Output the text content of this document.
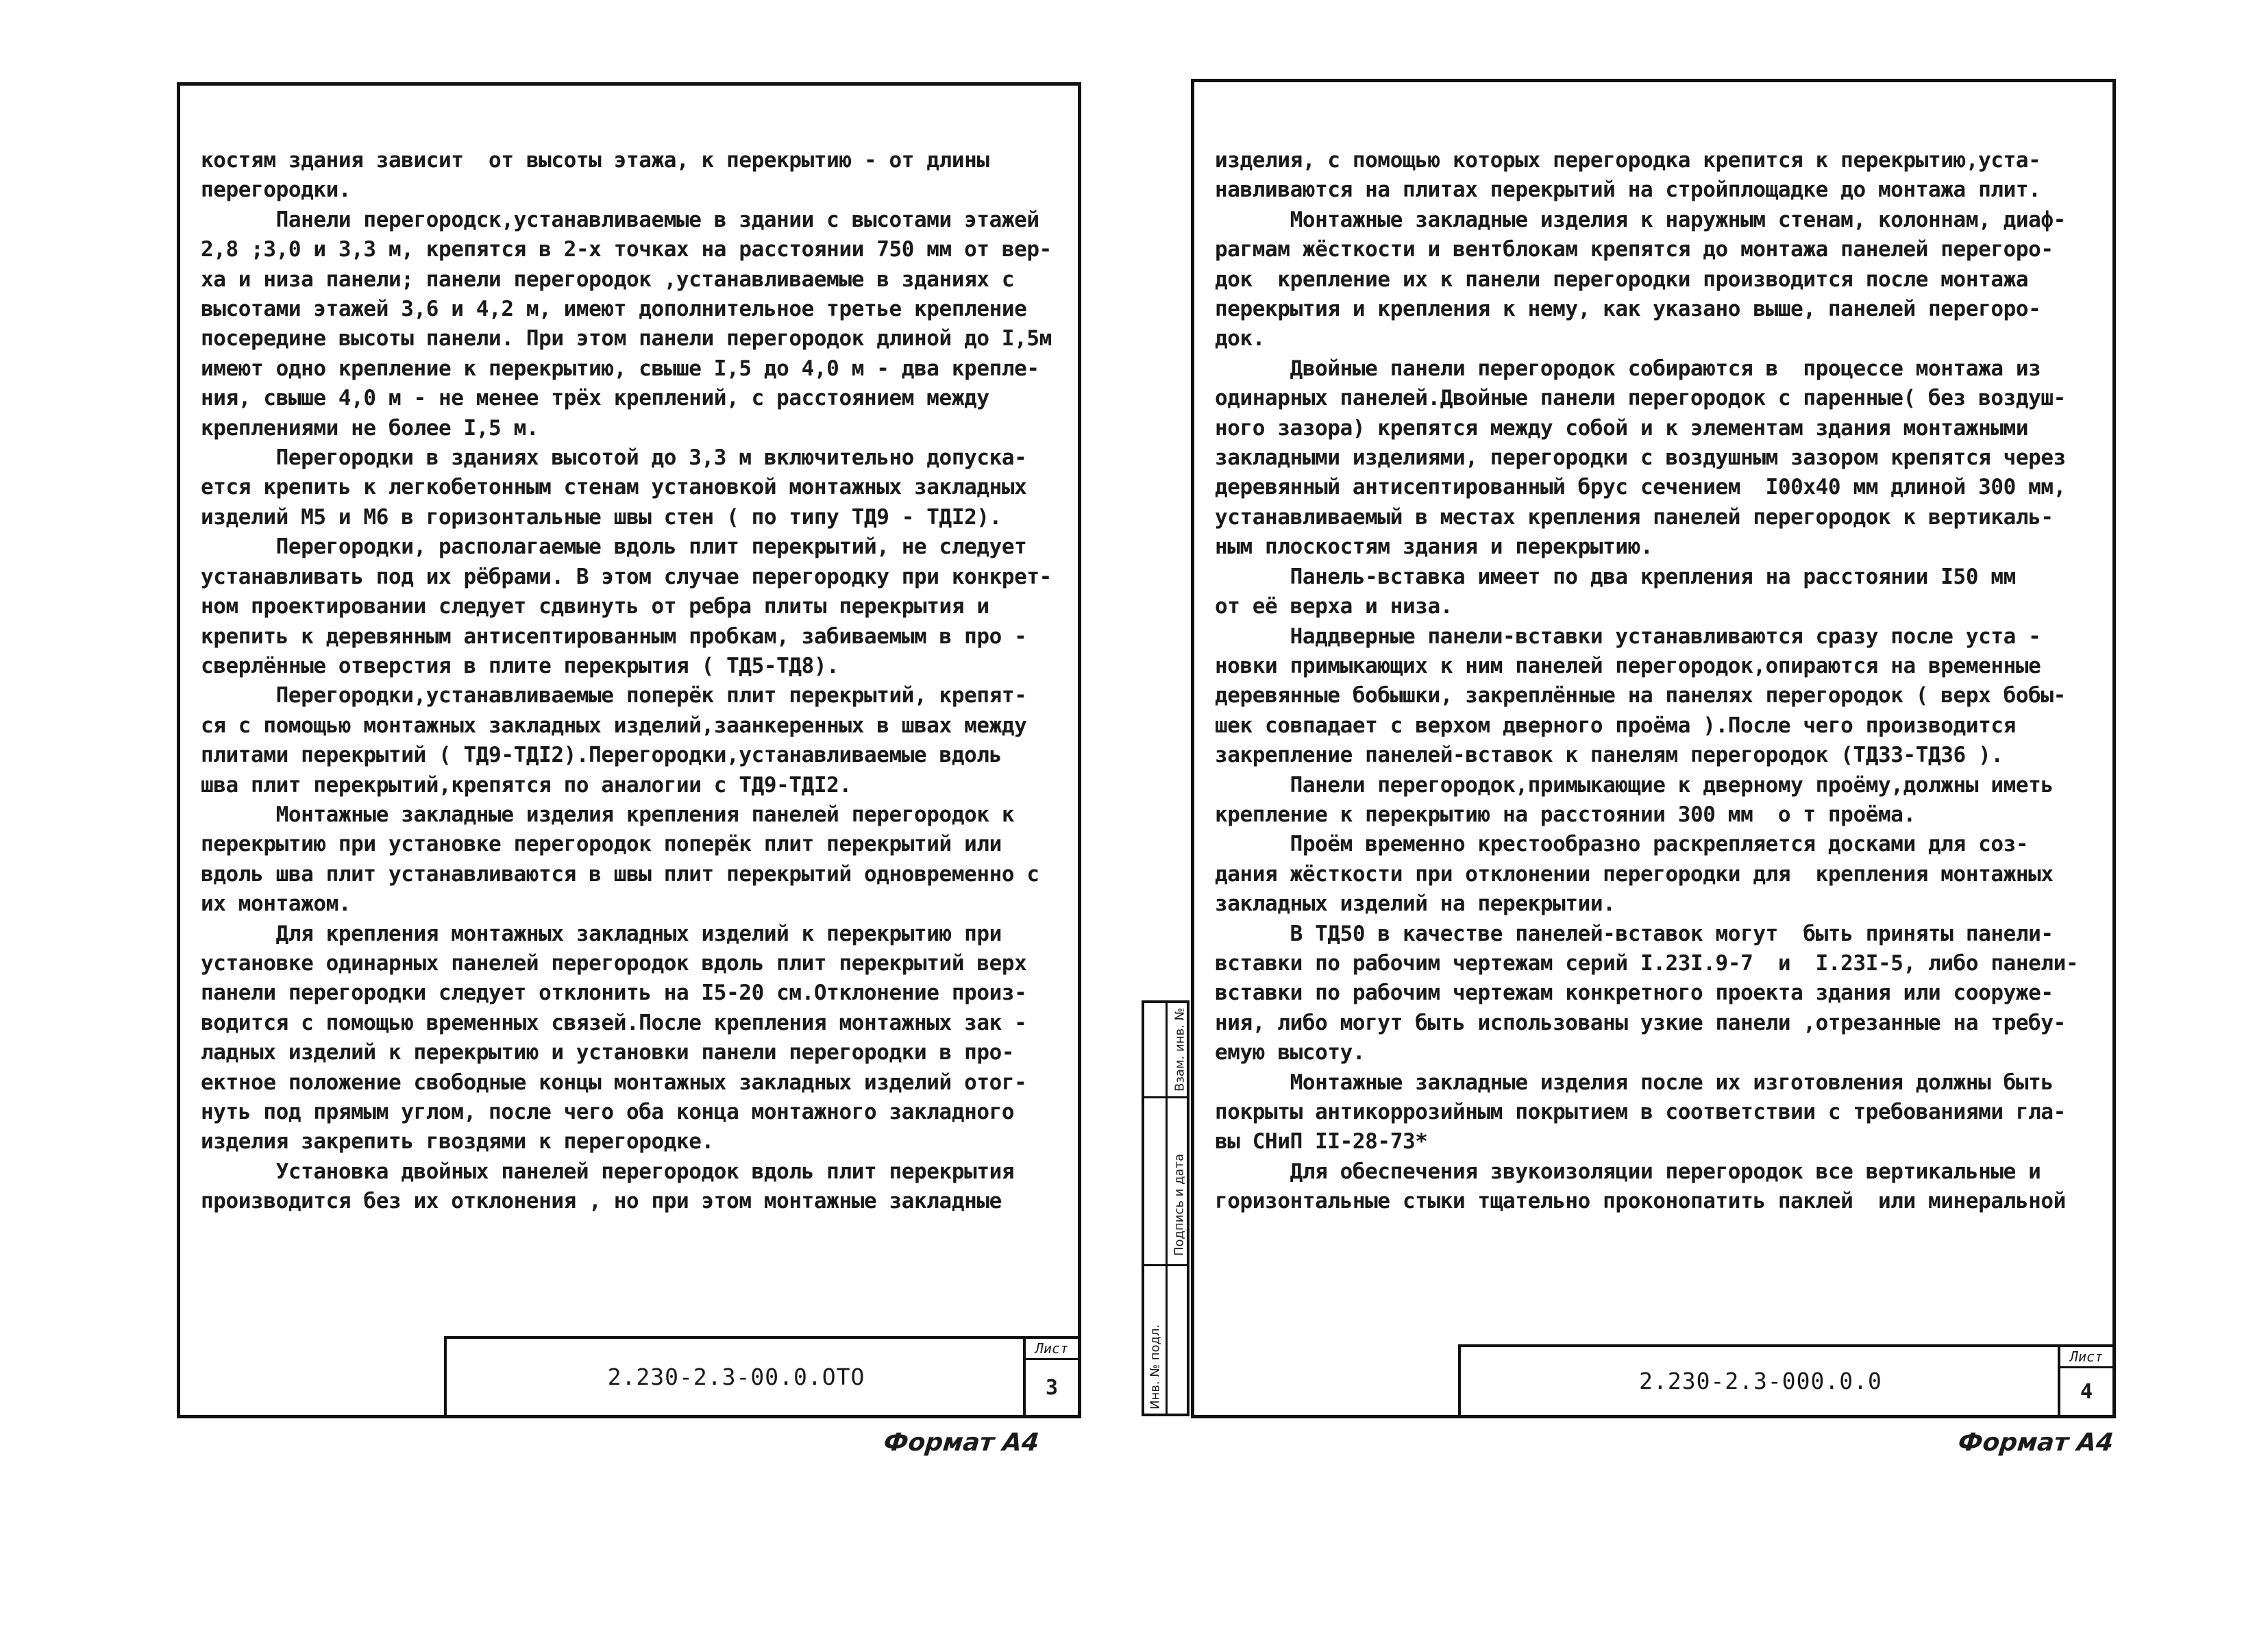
костям здания зависит  от высоты этажа, к перекрытию - от длины
перегородки.
Панели перегородск,устанавливаемые в здании с высотами этажей
2,8 ;3,0 и 3,3 м, крепятся в 2-х точках на расстоянии 750 мм от вер-
ха и низа панели; панели перегородок ,устанавливаемые в зданиях с
высотами этажей 3,6 и 4,2 м, имеют дополнительное третье крепление
посередине высоты панели. При этом панели перегородок длиной до I,5м
имеют одно крепление к перекрытию, свыше I,5 до 4,0 м - два крепле-
ния, свыше 4,0 м - не менее трёх креплений, с расстоянием между
креплениями не более I,5 м.
Перегородки в зданиях высотой до 3,3 м включительно допуска-
ется крепить к легкобетонным стенам установкой монтажных закладных
изделий М5 и М6 в горизонтальные швы стен ( по типу ТД9 - ТДI2).
Перегородки, располагаемые вдоль плит перекрытий, не следует
устанавливать под их рёбрами. В этом случае перегородку при конкрет-
ном проектировании следует сдвинуть от ребра плиты перекрытия и
крепить к деревянным антисептированным пробкам, забиваемым в про -
сверлённые отверстия в плите перекрытия ( ТД5-ТД8).
Перегородки,устанавливаемые поперёк плит перекрытий, крепят-
ся с помощью монтажных закладных изделий,заанкеренных в швах между
плитами перекрытий ( ТД9-ТДI2).Перегородки,устанавливаемые вдоль
шва плит перекрытий,крепятся по аналогии с ТД9-ТДI2.
Монтажные закладные изделия крепления панелей перегородок к
перекрытию при установке перегородок поперёк плит перекрытий или
вдоль шва плит устанавливаются в швы плит перекрытий одновременно с
их монтажом.
Для крепления монтажных закладных изделий к перекрытию при
установке одинарных панелей перегородок вдоль плит перекрытий верх
панели перегородки следует отклонить на I5-20 см.Отклонение произ-
водится с помощью временных связей.После крепления монтажных зак -
ладных изделий к перекрытию и установки панели перегородки в про-
ектное положение свободные концы монтажных закладных изделий отог-
нуть под прямым углом, после чего оба конца монтажного закладного
изделия закрепить гвоздями к перегородке.
Установка двойных панелей перегородок вдоль плит перекрытия
производится без их отклонения , но при этом монтажные закладные
2.230-2.3-00.0.ОТО
Лист
3
Формат А4
Инв. № подл.
Подпись и дата
Взам. инв. №
изделия, с помощью которых перегородка крепится к перекрытию,уста-
навливаются на плитах перекрытий на стройплощадке до монтажа плит.
Монтажные закладные изделия к наружным стенам, колоннам, диаф-
рагмам жёсткости и вентблокам крепятся до монтажа панелей перегоро-
док  крепление их к панели перегородки производится после монтажа
перекрытия и крепления к нему, как указано выше, панелей перегоро-
док.
Двойные панели перегородок собираются в  процессе монтажа из
одинарных панелей.Двойные панели перегородок с паренные( без воздуш-
ного зазора) крепятся между собой и к элементам здания монтажными
закладными изделиями, перегородки с воздушным зазором крепятся через
деревянный антисептированный брус сечением  I00х40 мм длиной 300 мм,
устанавливаемый в местах крепления панелей перегородок к вертикаль-
ным плоскостям здания и перекрытию.
Панель-вставка имеет по два крепления на расстоянии I50 мм
от её верха и низа.
Наддверные панели-вставки устанавливаются сразу после уста -
новки примыкающих к ним панелей перегородок,опираются на временные
деревянные бобышки, закреплённые на панелях перегородок ( верх бобы-
шек совпадает с верхом дверного проёма ).После чего производится
закрепление панелей-вставок к панелям перегородок (ТД33-ТД36 ).
Панели перегородок,примыкающие к дверному проёму,должны иметь
крепление к перекрытию на расстоянии 300 мм  о т проёма.
Проём временно крестообразно раскрепляется досками для соз-
дания жёсткости при отклонении перегородки для  крепления монтажных
закладных изделий на перекрытии.
В ТД50 в качестве панелей-вставок могут  быть приняты панели-
вставки по рабочим чертежам серий I.23I.9-7  и  I.23I-5, либо панели-
вставки по рабочим чертежам конкретного проекта здания или сооруже-
ния, либо могут быть использованы узкие панели ,отрезанные на требу-
емую высоту.
Монтажные закладные изделия после их изготовления должны быть
покрыты антикоррозийным покрытием в соответствии с требованиями гла-
вы СНиП II-28-73*
Для обеспечения звукоизоляции перегородок все вертикальные и
горизонтальные стыки тщательно проконопатить паклей  или минеральной
2.230-2.3-000.0.0
Лист
4
Формат А4
